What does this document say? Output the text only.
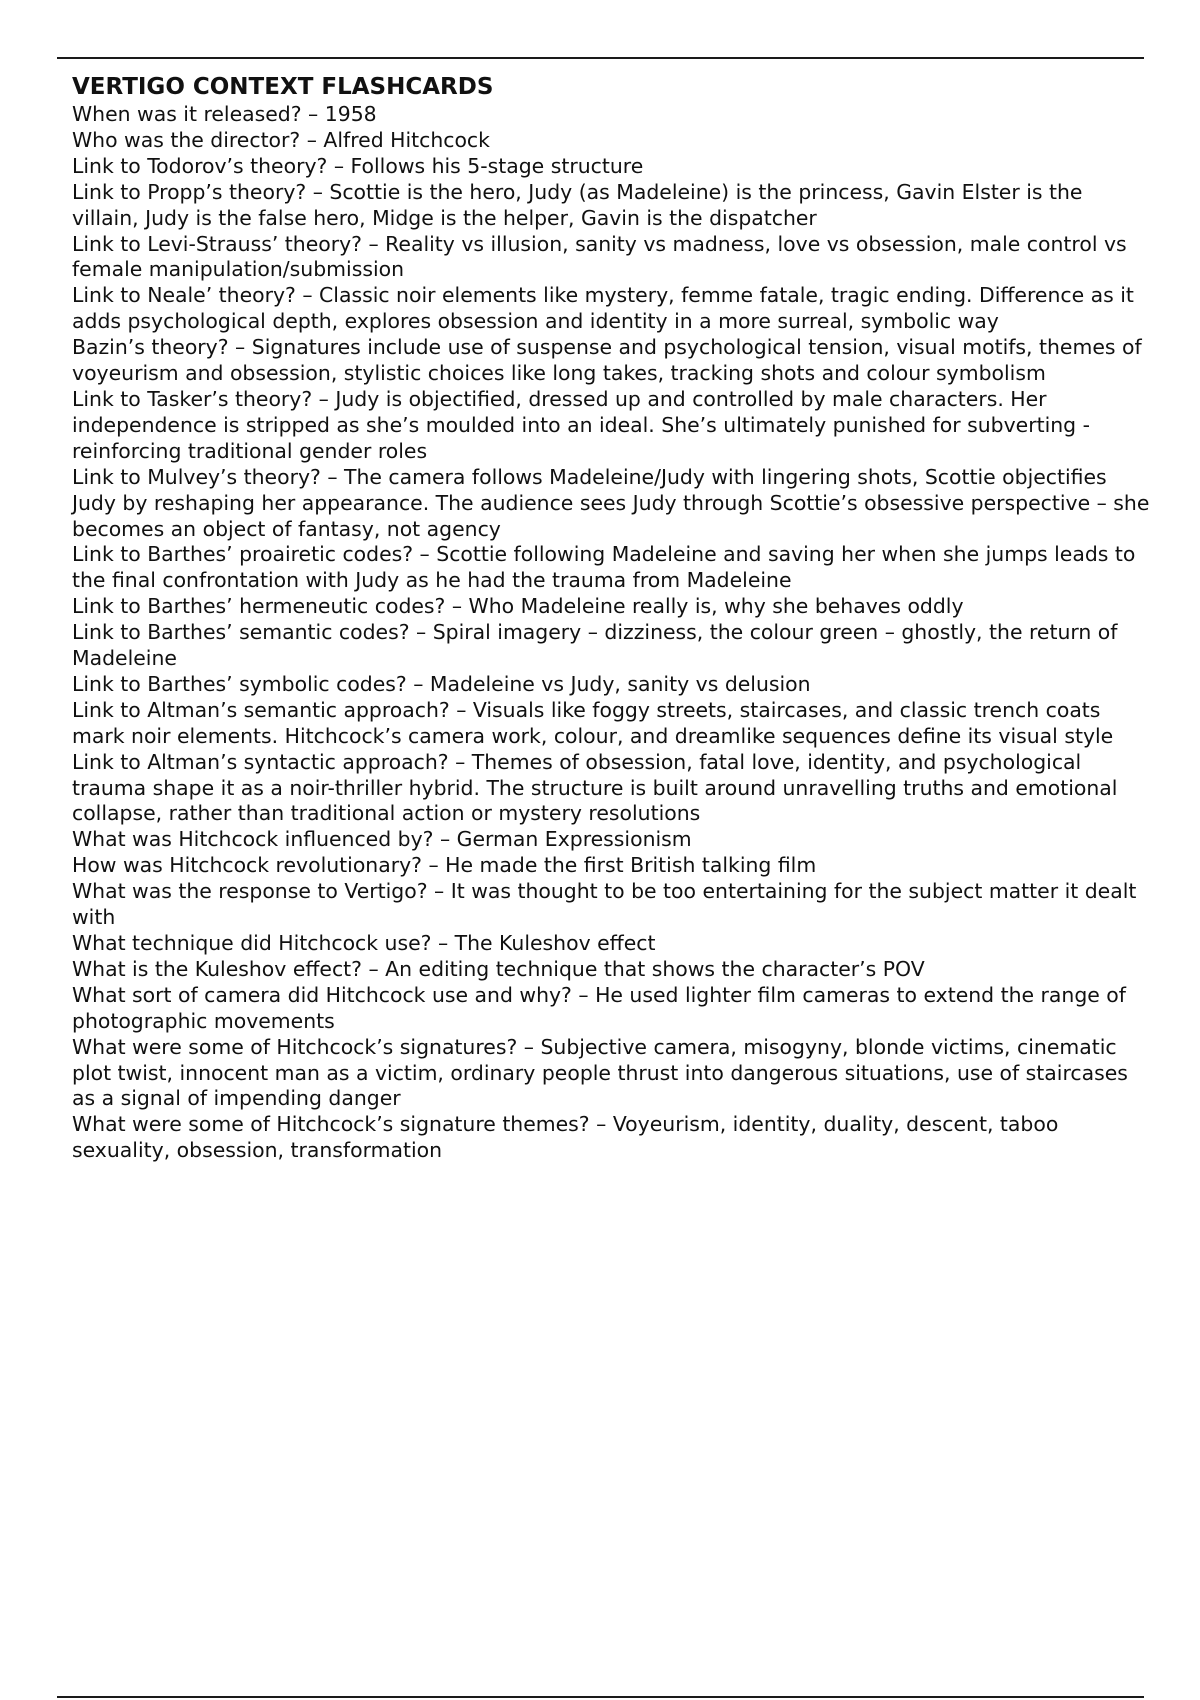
VERTIGO CONTEXT FLASHCARDS
When was it released? – 1958
Who was the director? – Alfred Hitchcock
Link to Todorov’s theory? – Follows his 5-stage structure
Link to Propp’s theory? – Scottie is the hero, Judy (as Madeleine) is the princess, Gavin Elster is the villain, Judy is the false hero, Midge is the helper, Gavin is the dispatcher
Link to Levi-Strauss’ theory? – Reality vs illusion, sanity vs madness, love vs obsession, male control vs female manipulation/submission
Link to Neale’ theory? – Classic noir elements like mystery, femme fatale, tragic ending. Difference as it adds psychological depth, explores obsession and identity in a more surreal, symbolic way
Bazin’s theory? – Signatures include use of suspense and psychological tension, visual motifs, themes of voyeurism and obsession, stylistic choices like long takes, tracking shots and colour symbolism
Link to Tasker’s theory? – Judy is objectified, dressed up and controlled by male characters. Her independence is stripped as she’s moulded into an ideal. She’s ultimately punished for subverting - reinforcing traditional gender roles
Link to Mulvey’s theory? – The camera follows Madeleine/Judy with lingering shots, Scottie objectifies Judy by reshaping her appearance. The audience sees Judy through Scottie’s obsessive perspective – she becomes an object of fantasy, not agency
Link to Barthes’ proairetic codes? – Scottie following Madeleine and saving her when she jumps leads to the final confrontation with Judy as he had the trauma from Madeleine
Link to Barthes’ hermeneutic codes? – Who Madeleine really is, why she behaves oddly
Link to Barthes’ semantic codes? – Spiral imagery – dizziness, the colour green – ghostly, the return of Madeleine
Link to Barthes’ symbolic codes? – Madeleine vs Judy, sanity vs delusion
Link to Altman’s semantic approach? – Visuals like foggy streets, staircases, and classic trench coats mark noir elements. Hitchcock’s camera work, colour, and dreamlike sequences define its visual style
Link to Altman’s syntactic approach? – Themes of obsession, fatal love, identity, and psychological trauma shape it as a noir-thriller hybrid. The structure is built around unravelling truths and emotional collapse, rather than traditional action or mystery resolutions
What was Hitchcock influenced by? – German Expressionism
How was Hitchcock revolutionary? – He made the first British talking film
What was the response to Vertigo? – It was thought to be too entertaining for the subject matter it dealt with
What technique did Hitchcock use? – The Kuleshov effect
What is the Kuleshov effect? – An editing technique that shows the character’s POV
What sort of camera did Hitchcock use and why? – He used lighter film cameras to extend the range of photographic movements
What were some of Hitchcock’s signatures? – Subjective camera, misogyny, blonde victims, cinematic plot twist, innocent man as a victim, ordinary people thrust into dangerous situations, use of staircases as a signal of impending danger
What were some of Hitchcock’s signature themes? – Voyeurism, identity, duality, descent, taboo sexuality, obsession, transformation
